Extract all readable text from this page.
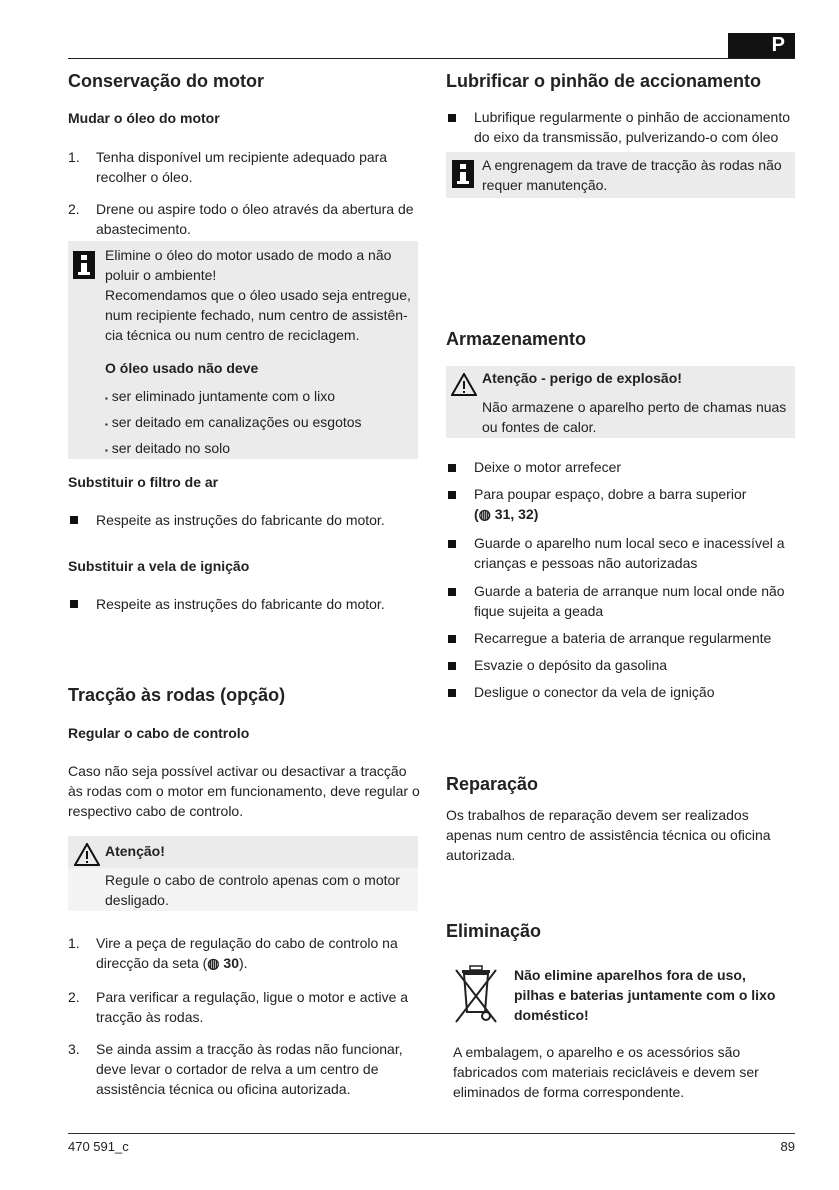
P
Conservação do motor
Mudar o óleo do motor
1. Tenha disponível um recipiente adequado para
recolher o óleo.
2. Drene ou aspire todo o óleo através da abertura de
abastecimento.
Elimine o óleo do motor usado de modo a não
poluir o ambiente!
Recomendamos que o óleo usado seja entregue,
num recipiente fechado, num centro de assistên-
cia técnica ou num centro de reciclagem.
O óleo usado não deve
▪ ser eliminado juntamente com o lixo
▪ ser deitado em canalizações ou esgotos
▪ ser deitado no solo
Substituir o filtro de ar
Respeite as instruções do fabricante do motor.
Substituir a vela de ignição
Respeite as instruções do fabricante do motor.
Tracção às rodas (opção)
Regular o cabo de controlo
Caso não seja possível activar ou desactivar a tracção
às rodas com o motor em funcionamento, deve regular o
respectivo cabo de controlo.
Atenção!
Regule o cabo de controlo apenas com o motor
desligado.
1. Vire a peça de regulação do cabo de controlo na
direcção da seta (◍ 30).
2. Para verificar a regulação, ligue o motor e active a
tracção às rodas.
3. Se ainda assim a tracção às rodas não funcionar,
deve levar o cortador de relva a um centro de
assistência técnica ou oficina autorizada.
Lubrificar o pinhão de accionamento
Lubrifique regularmente o pinhão de accionamento
do eixo da transmissão, pulverizando-o com óleo
A engrenagem da trave de tracção às rodas não
requer manutenção.
Armazenamento
Atenção - perigo de explosão!
Não armazene o aparelho perto de chamas nuas
ou fontes de calor.
Deixe o motor arrefecer
Para poupar espaço, dobre a barra superior
(◍ 31, 32)
Guarde o aparelho num local seco e inacessível a
crianças e pessoas não autorizadas
Guarde a bateria de arranque num local onde não
fique sujeita a geada
Recarregue a bateria de arranque regularmente
Esvazie o depósito da gasolina
Desligue o conector da vela de ignição
Reparação
Os trabalhos de reparação devem ser realizados
apenas num centro de assistência técnica ou oficina
autorizada.
Eliminação
Não elimine aparelhos fora de uso,
pilhas e baterias juntamente com o lixo
doméstico!
A embalagem, o aparelho e os acessórios são
fabricados com materiais recicláveis e devem ser
eliminados de forma correspondente.
470 591_c	89
